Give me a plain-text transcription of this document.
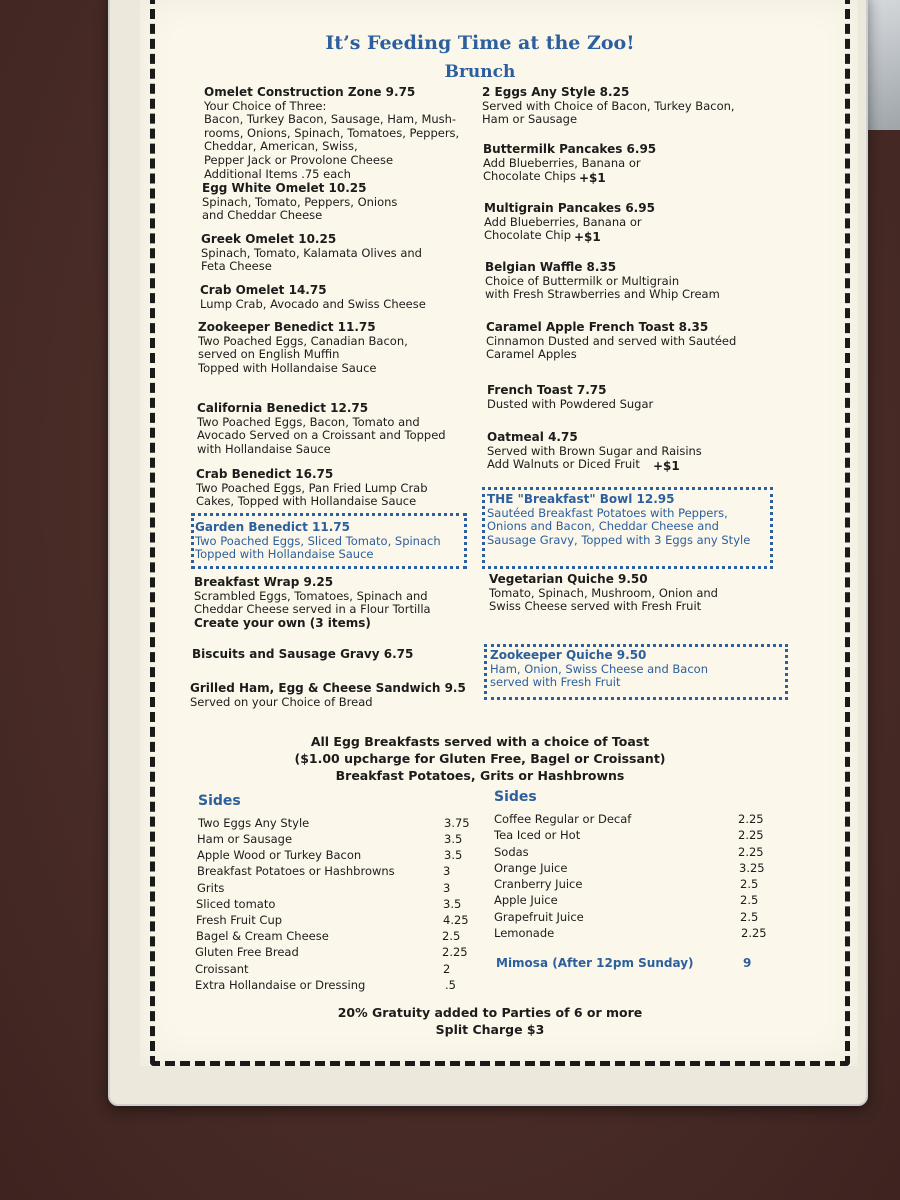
It’s Feeding Time at the Zoo!
Brunch
Omelet Construction Zone 9.75
Your Choice of Three:
Bacon, Turkey Bacon, Sausage, Ham, Mush-
rooms, Onions, Spinach, Tomatoes, Peppers,
Cheddar, American, Swiss,
Pepper Jack or Provolone Cheese
Additional Items .75 each
Egg White Omelet 10.25
Spinach, Tomato, Peppers, Onions
and Cheddar Cheese
Greek Omelet 10.25
Spinach, Tomato, Kalamata Olives and
Feta Cheese
Crab Omelet 14.75
Lump Crab, Avocado and Swiss Cheese
Zookeeper Benedict 11.75
Two Poached Eggs, Canadian Bacon,
served on English Muffin
Topped with Hollandaise Sauce
California Benedict 12.75
Two Poached Eggs, Bacon, Tomato and
Avocado Served on a Croissant and Topped
with Hollandaise Sauce
Crab Benedict 16.75
Two Poached Eggs, Pan Fried Lump Crab
Cakes, Topped with Hollandaise Sauce
Garden Benedict 11.75
Two Poached Eggs, Sliced Tomato, Spinach
Topped with Hollandaise Sauce
Breakfast Wrap 9.25
Scrambled Eggs, Tomatoes, Spinach and
Cheddar Cheese served in a Flour Tortilla
Create your own (3 items)
Biscuits and Sausage Gravy 6.75
Grilled Ham, Egg & Cheese Sandwich 9.5
Served on your Choice of Bread
2 Eggs Any Style 8.25
Served with Choice of Bacon, Turkey Bacon,
Ham or Sausage
Buttermilk Pancakes 6.95
Add Blueberries, Banana or
Chocolate Chips +$1
Multigrain Pancakes 6.95
Add Blueberries, Banana or
Chocolate Chip +$1
Belgian Waffle 8.35
Choice of Buttermilk or Multigrain
with Fresh Strawberries and Whip Cream
Caramel Apple French Toast 8.35
Cinnamon Dusted and served with Sautéed
Caramel Apples
French Toast 7.75
Dusted with Powdered Sugar
Oatmeal 4.75
Served with Brown Sugar and Raisins
Add Walnuts or Diced Fruit	+$1
THE "Breakfast" Bowl 12.95
Sautéed Breakfast Potatoes with Peppers,
Onions and Bacon, Cheddar Cheese and
Sausage Gravy, Topped with 3 Eggs any Style
Vegetarian Quiche 9.50
Tomato, Spinach, Mushroom, Onion and
Swiss Cheese served with Fresh Fruit
Zookeeper Quiche 9.50
Ham, Onion, Swiss Cheese and Bacon
served with Fresh Fruit
All Egg Breakfasts served with a choice of Toast
($1.00 upcharge for Gluten Free, Bagel or Croissant)
Breakfast Potatoes, Grits or Hashbrowns
Sides
Two Eggs Any Style	3.75
Ham or Sausage	3.5
Apple Wood or Turkey Bacon	3.5
Breakfast Potatoes or Hashbrowns	3
Grits	3
Sliced tomato	3.5
Fresh Fruit Cup	4.25
Bagel & Cream Cheese	2.5
Gluten Free Bread	2.25
Croissant	2
Extra Hollandaise or Dressing	.5
Sides
Coffee Regular or Decaf	2.25
Tea Iced or Hot	2.25
Sodas	2.25
Orange Juice	3.25
Cranberry Juice	2.5
Apple Juice	2.5
Grapefruit Juice	2.5
Lemonade	2.25
Mimosa (After 12pm Sunday)	9
20% Gratuity added to Parties of 6 or more
Split Charge $3
